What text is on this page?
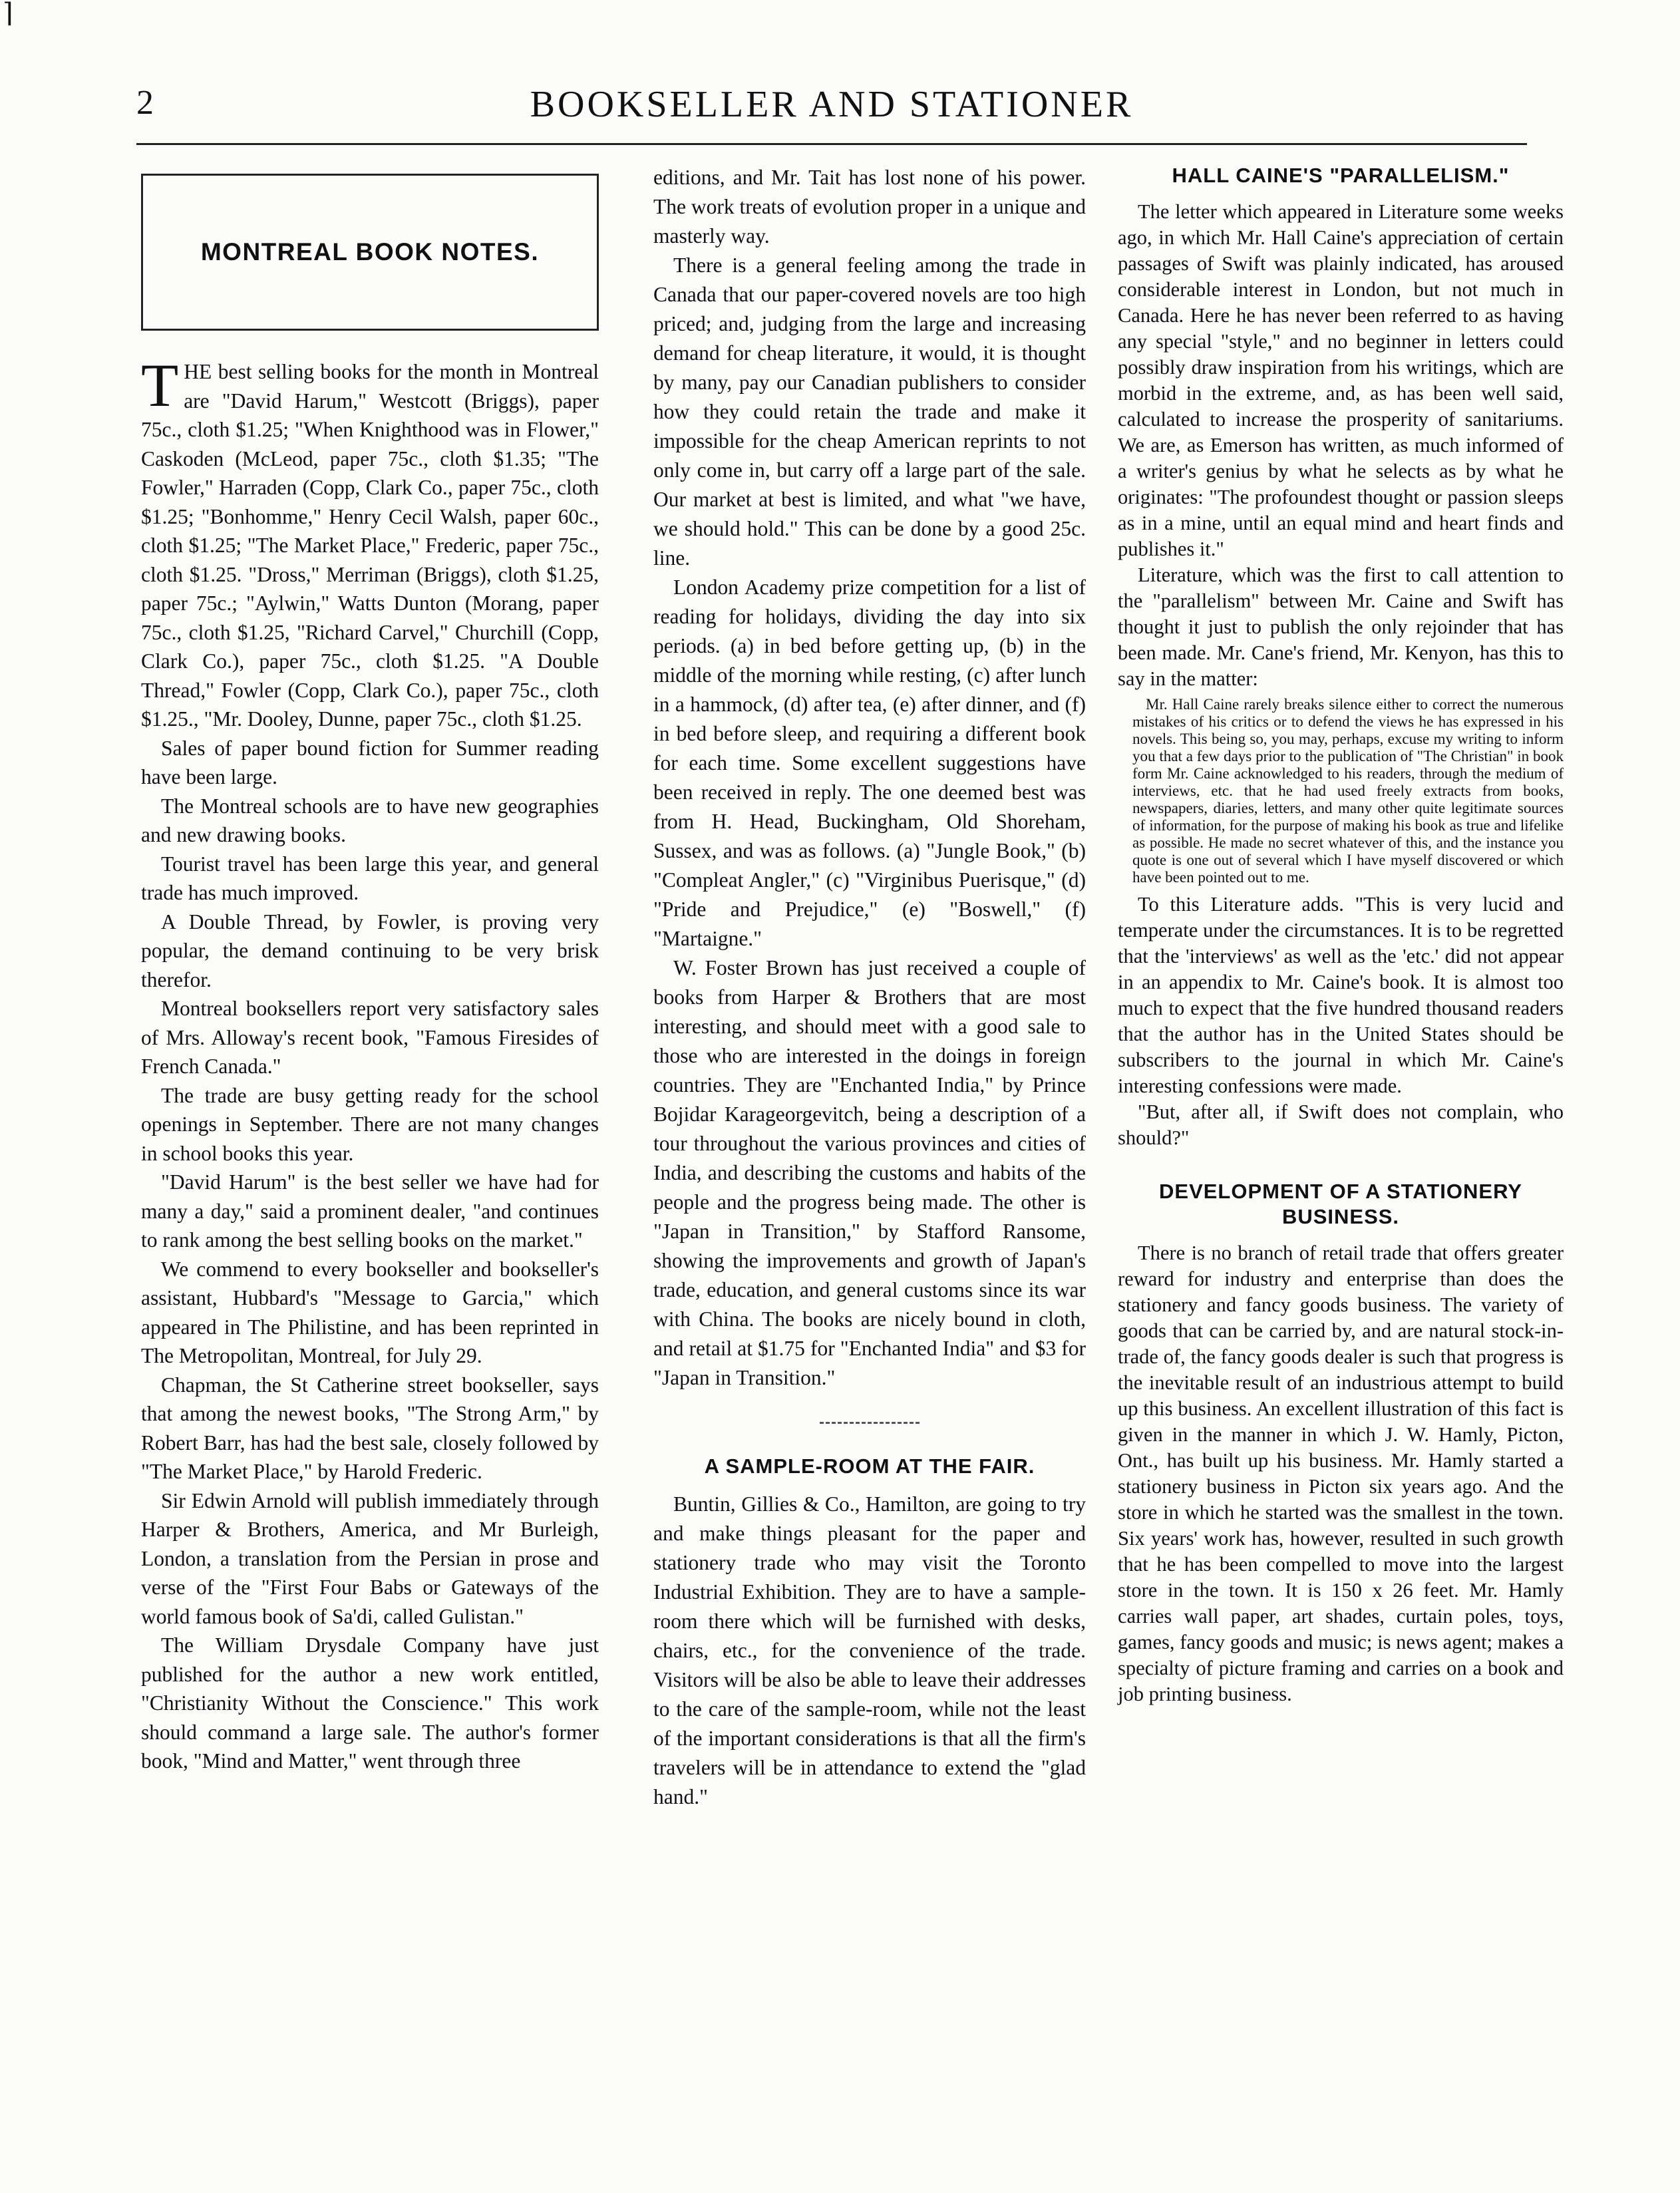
⌉
2	BOOKSELLER AND STATIONER
MONTREAL BOOK NOTES.

THE best selling books for the month in Montreal are "David Harum," Westcott (Briggs), paper 75c., cloth $1.25; "When Knighthood was in Flower," Caskoden (McLeod, paper 75c., cloth $1.35; "The Fowler," Harraden (Copp, Clark Co., paper 75c., cloth $1.25; "Bonhomme," Henry Cecil Walsh, paper 60c., cloth $1.25; "The Market Place," Frederic, paper 75c., cloth $1.25. "Dross," Merriman (Briggs), cloth $1.25, paper 75c.; "Aylwin," Watts Dunton (Morang, paper 75c., cloth $1.25, "Richard Carvel," Churchill (Copp, Clark Co.), paper 75c., cloth $1.25. "A Double Thread," Fowler (Copp, Clark Co.), paper 75c., cloth $1.25., "Mr. Dooley, Dunne, paper 75c., cloth $1.25.

Sales of paper bound fiction for Summer reading have been large.

The Montreal schools are to have new geographies and new drawing books.

Tourist travel has been large this year, and general trade has much improved.

A Double Thread, by Fowler, is proving very popular, the demand continuing to be very brisk therefor.

Montreal booksellers report very satisfactory sales of Mrs. Alloway's recent book, "Famous Firesides of French Canada."

The trade are busy getting ready for the school openings in September. There are not many changes in school books this year.

"David Harum" is the best seller we have had for many a day," said a prominent dealer, "and continues to rank among the best selling books on the market."

We commend to every bookseller and bookseller's assistant, Hubbard's "Message to Garcia," which appeared in The Philistine, and has been reprinted in The Metropolitan, Montreal, for July 29.

Chapman, the St Catherine street bookseller, says that among the newest books, "The Strong Arm," by Robert Barr, has had the best sale, closely followed by "The Market Place," by Harold Frederic.

Sir Edwin Arnold will publish immediately through Harper & Brothers, America, and Mr Burleigh, London, a translation from the Persian in prose and verse of the "First Four Babs or Gateways of the world famous book of Sa'di, called Gulistan."

The William Drysdale Company have just published for the author a new work entitled, "Christianity Without the Conscience." This work should command a large sale. The author's former book, "Mind and Matter," went through three

editions, and Mr. Tait has lost none of his power. The work treats of evolution proper in a unique and masterly way.

There is a general feeling among the trade in Canada that our paper-covered novels are too high priced; and, judging from the large and increasing demand for cheap literature, it would, it is thought by many, pay our Canadian publishers to consider how they could retain the trade and make it impossible for the cheap American reprints to not only come in, but carry off a large part of the sale. Our market at best is limited, and what "we have, we should hold." This can be done by a good 25c. line.

London Academy prize competition for a list of reading for holidays, dividing the day into six periods. (a) in bed before getting up, (b) in the middle of the morning while resting, (c) after lunch in a hammock, (d) after tea, (e) after dinner, and (f) in bed before sleep, and requiring a different book for each time. Some excellent suggestions have been received in reply. The one deemed best was from H. Head, Buckingham, Old Shoreham, Sussex, and was as follows. (a) "Jungle Book," (b) "Compleat Angler," (c) "Virginibus Puerisque," (d) "Pride and Prejudice," (e) "Boswell," (f) "Martaigne."

W. Foster Brown has just received a couple of books from Harper & Brothers that are most interesting, and should meet with a good sale to those who are interested in the doings in foreign countries. They are "Enchanted India," by Prince Bojidar Karageorgevitch, being a description of a tour throughout the various provinces and cities of India, and describing the customs and habits of the people and the progress being made. The other is "Japan in Transition," by Stafford Ransome, showing the improvements and growth of Japan's trade, education, and general customs since its war with China. The books are nicely bound in cloth, and retail at $1.75 for "Enchanted India" and $3 for "Japan in Transition."

A SAMPLE-ROOM AT THE FAIR.

Buntin, Gillies & Co., Hamilton, are going to try and make things pleasant for the paper and stationery trade who may visit the Toronto Industrial Exhibition. They are to have a sample-room there which will be furnished with desks, chairs, etc., for the convenience of the trade. Visitors will be also be able to leave their addresses to the care of the sample-room, while not the least of the important considerations is that all the firm's travelers will be in attendance to extend the "glad hand."

HALL CAINE'S "PARALLELISM."

The letter which appeared in Literature some weeks ago, in which Mr. Hall Caine's appreciation of certain passages of Swift was plainly indicated, has aroused considerable interest in London, but not much in Canada. Here he has never been referred to as having any special "style," and no beginner in letters could possibly draw inspiration from his writings, which are morbid in the extreme, and, as has been well said, calculated to increase the prosperity of sanitariums. We are, as Emerson has written, as much informed of a writer's genius by what he selects as by what he originates: "The profoundest thought or passion sleeps as in a mine, until an equal mind and heart finds and publishes it."

Literature, which was the first to call attention to the "parallelism" between Mr. Caine and Swift has thought it just to publish the only rejoinder that has been made. Mr. Cane's friend, Mr. Kenyon, has this to say in the matter:

Mr. Hall Caine rarely breaks silence either to correct the numerous mistakes of his critics or to defend the views he has expressed in his novels. This being so, you may, perhaps, excuse my writing to inform you that a few days prior to the publication of "The Christian" in book form Mr. Caine acknowledged to his readers, through the medium of interviews, etc. that he had used freely extracts from books, newspapers, diaries, letters, and many other quite legitimate sources of information, for the purpose of making his book as true and lifelike as possible. He made no secret whatever of this, and the instance you quote is one out of several which I have myself discovered or which have been pointed out to me.

To this Literature adds. "This is very lucid and temperate under the circumstances. It is to be regretted that the 'interviews' as well as the 'etc.' did not appear in an appendix to Mr. Caine's book. It is almost too much to expect that the five hundred thousand readers that the author has in the United States should be subscribers to the journal in which Mr. Caine's interesting confessions were made.

"But, after all, if Swift does not complain, who should?"

DEVELOPMENT OF A STATIONERY BUSINESS.

There is no branch of retail trade that offers greater reward for industry and enterprise than does the stationery and fancy goods business. The variety of goods that can be carried by, and are natural stock-in-trade of, the fancy goods dealer is such that progress is the inevitable result of an industrious attempt to build up this business. An excellent illustration of this fact is given in the manner in which J. W. Hamly, Picton, Ont., has built up his business. Mr. Hamly started a stationery business in Picton six years ago. And the store in which he started was the smallest in the town. Six years' work has, however, resulted in such growth that he has been compelled to move into the largest store in the town. It is 150 x 26 feet. Mr. Hamly carries wall paper, art shades, curtain poles, toys, games, fancy goods and music; is news agent; makes a specialty of picture framing and carries on a book and job printing business.
